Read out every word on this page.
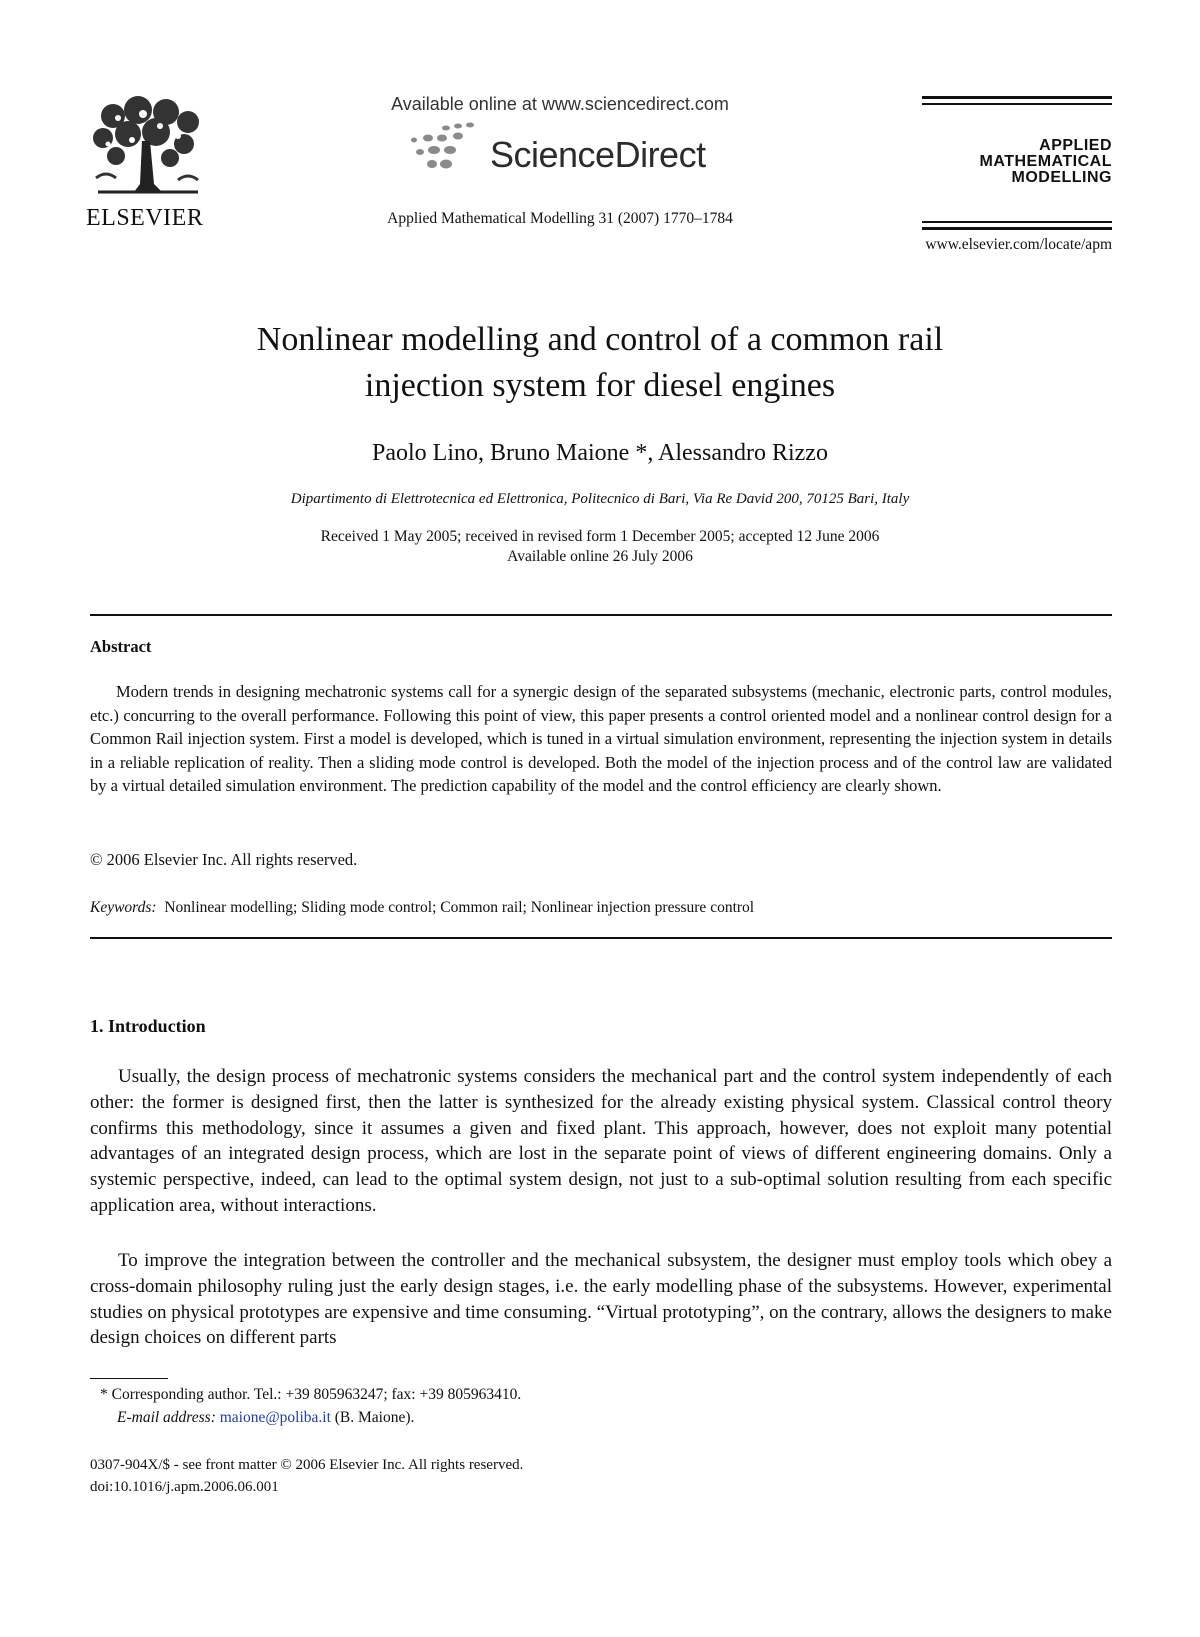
ELSEVIER
Available online at www.sciencedirect.com
ScienceDirect
Applied Mathematical Modelling 31 (2007) 1770–1784
APPLIED
MATHEMATICAL
MODELLING
www.elsevier.com/locate/apm
Nonlinear modelling and control of a common rail
injection system for diesel engines
Paolo Lino, Bruno Maione *, Alessandro Rizzo
Dipartimento di Elettrotecnica ed Elettronica, Politecnico di Bari, Via Re David 200, 70125 Bari, Italy
Received 1 May 2005; received in revised form 1 December 2005; accepted 12 June 2006
Available online 26 July 2006
Abstract

Modern trends in designing mechatronic systems call for a synergic design of the separated subsystems (mechanic, electronic parts, control modules, etc.) concurring to the overall performance. Following this point of view, this paper presents a control oriented model and a nonlinear control design for a Common Rail injection system. First a model is developed, which is tuned in a virtual simulation environment, representing the injection system in details in a reliable replication of reality. Then a sliding mode control is developed. Both the model of the injection process and of the control law are validated by a virtual detailed simulation environment. The prediction capability of the model and the control efficiency are clearly shown.

© 2006 Elsevier Inc. All rights reserved.
Keywords: Nonlinear modelling; Sliding mode control; Common rail; Nonlinear injection pressure control
1. Introduction

Usually, the design process of mechatronic systems considers the mechanical part and the control system independently of each other: the former is designed first, then the latter is synthesized for the already existing physical system. Classical control theory confirms this methodology, since it assumes a given and fixed plant. This approach, however, does not exploit many potential advantages of an integrated design process, which are lost in the separate point of views of different engineering domains. Only a systemic perspective, indeed, can lead to the optimal system design, not just to a sub-optimal solution resulting from each specific application area, without interactions.

To improve the integration between the controller and the mechanical subsystem, the designer must employ tools which obey a cross-domain philosophy ruling just the early design stages, i.e. the early modelling phase of the subsystems. However, experimental studies on physical prototypes are expensive and time consuming. “Virtual prototyping”, on the contrary, allows the designers to make design choices on different parts

* Corresponding author. Tel.: +39 805963247; fax: +39 805963410.
E-mail address: maione@poliba.it (B. Maione).
0307-904X/$ - see front matter © 2006 Elsevier Inc. All rights reserved.
doi:10.1016/j.apm.2006.06.001
